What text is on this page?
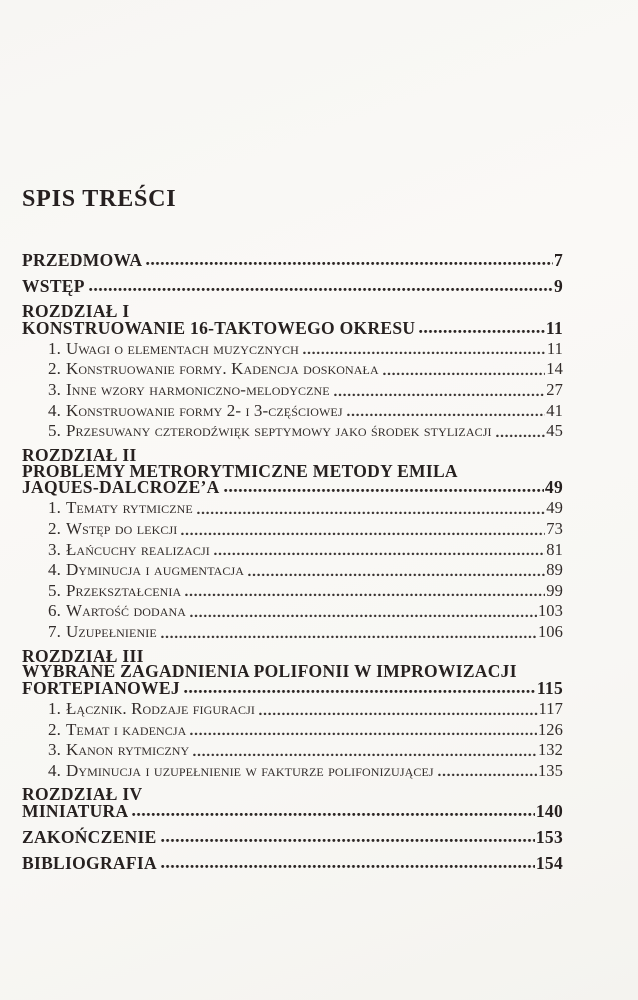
SPIS TREŚCI
PRZEDMOWA	7
WSTĘP	9
ROZDZIAŁ I
KONSTRUOWANIE 16-TAKTOWEGO OKRESU	11
1. Uwagi o elementach muzycznych	11
2. Konstruowanie formy. Kadencja doskonała	14
3. Inne wzory harmoniczno-melodyczne	27
4. Konstruowanie formy 2- i 3-częściowej	41
5. Przesuwany czterodźwięk septymowy jako środek stylizacji	45
ROZDZIAŁ II
PROBLEMY METRORYTMICZNE METODY EMILA
JAQUES-DALCROZE’A	49
1. Tematy rytmiczne	49
2. Wstęp do lekcji	73
3. Łańcuchy realizacji	81
4. Dyminucja i augmentacja	89
5. Przekształcenia	99
6. Wartość dodana	103
7. Uzupełnienie	106
ROZDZIAŁ III
WYBRANE ZAGADNIENIA POLIFONII W IMPROWIZACJI
FORTEPIANOWEJ	115
1. Łącznik. Rodzaje figuracji	117
2. Temat i kadencja	126
3. Kanon rytmiczny	132
4. Dyminucja i uzupełnienie w fakturze polifonizującej	135
ROZDZIAŁ IV
MINIATURA	140
ZAKOŃCZENIE	153
BIBLIOGRAFIA	154
